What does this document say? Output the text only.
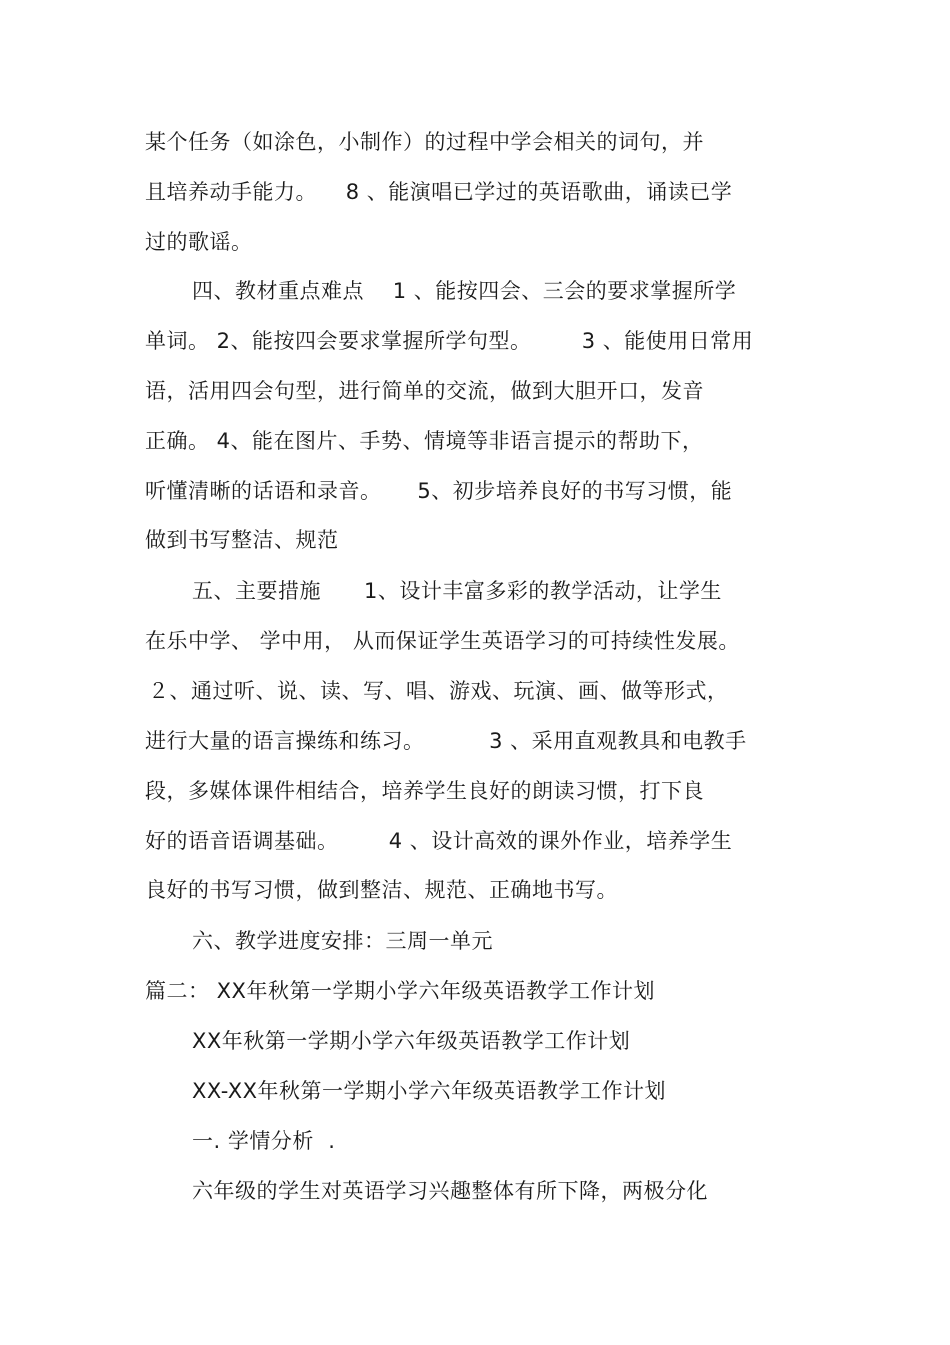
某个任务（如涂色，小制作）的过程中学会相关的词句，并
且培养动手能力。    8 、能演唱已学过的英语歌曲，诵读已学
过的歌谣。
四、教材重点难点    1 、能按四会、三会的要求掌握所学
单词。 2、能按四会要求掌握所学句型。       3 、能使用日常用
语，活用四会句型，进行简单的交流，做到大胆开口，发音
正确。 4、能在图片、手势、情境等非语言提示的帮助下，
听懂清晰的话语和录音。     5、初步培养良好的书写习惯，能
做到书写整洁、规范
五、主要措施      1、设计丰富多彩的教学活动，让学生
在乐中学、 学中用， 从而保证学生英语学习的可持续性发展。
２、通过听、说、读、写、唱、游戏、玩演、画、做等形式，
进行大量的语言操练和练习。         3 、采用直观教具和电教手
段，多媒体课件相结合，培养学生良好的朗读习惯，打下良
好的语音语调基础。       4 、设计高效的课外作业，培养学生
良好的书写习惯，做到整洁、规范、正确地书写。
六、教学进度安排：三周一单元
篇二： XX年秋第一学期小学六年级英语教学工作计划
XX年秋第一学期小学六年级英语教学工作计划
XX-XX年秋第一学期小学六年级英语教学工作计划
一. 学情分析  .
六年级的学生对英语学习兴趣整体有所下降，两极分化
